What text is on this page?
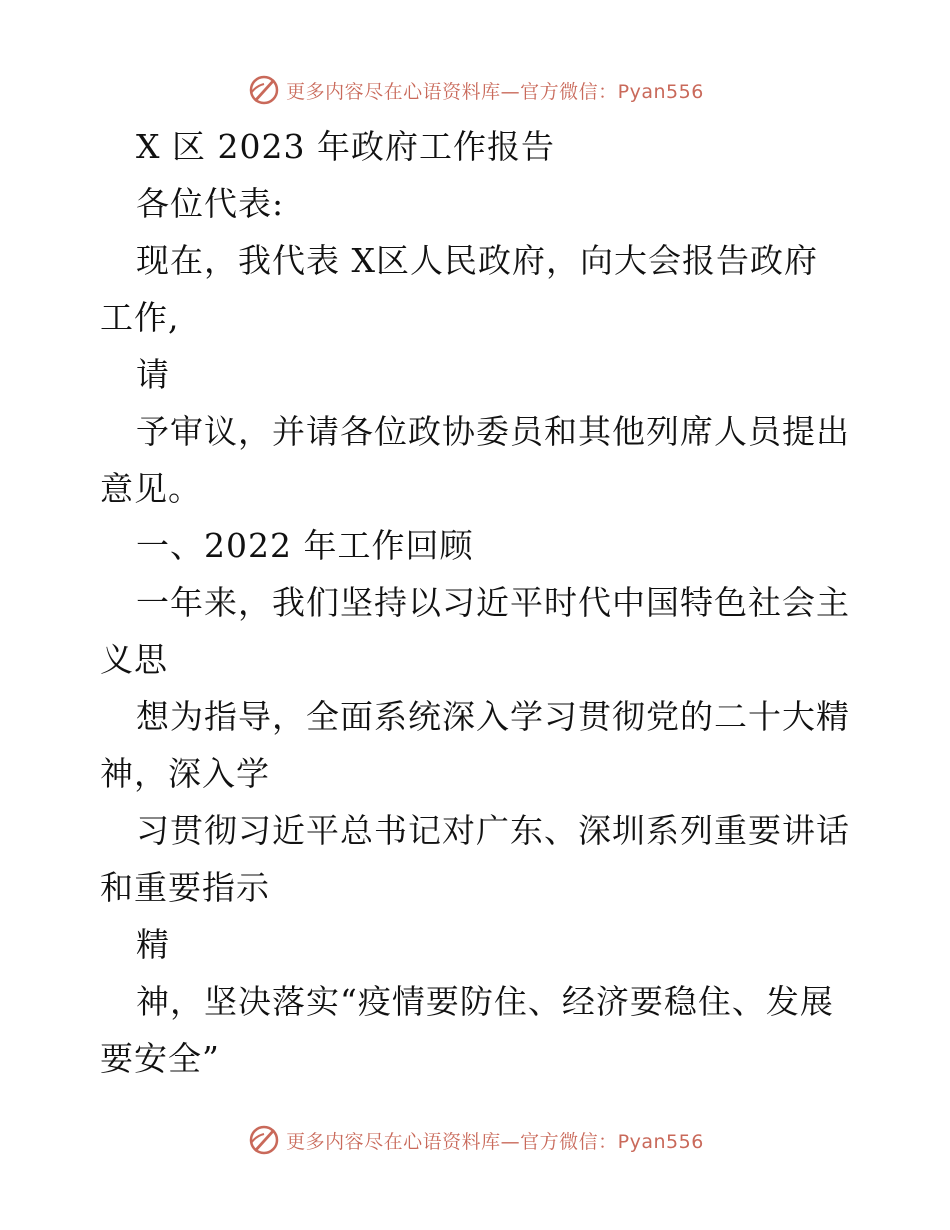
更多内容尽在心语资料库—官方微信：Pyan556
X 区 2023 年政府工作报告
各位代表:
现在，我代表 X区人民政府，向大会报告政府
工作,
请
予审议，并请各位政协委员和其他列席人员提出
意见。
一、2022 年工作回顾
一年来，我们坚持以习近平时代中国特色社会主
义思
想为指导，全面系统深入学习贯彻党的二十大精
神，深入学
习贯彻习近平总书记对广东、深圳系列重要讲话
和重要指示
精
神，坚决落实“疫情要防住、经济要稳住、发展
要安全”
更多内容尽在心语资料库—官方微信：Pyan556
